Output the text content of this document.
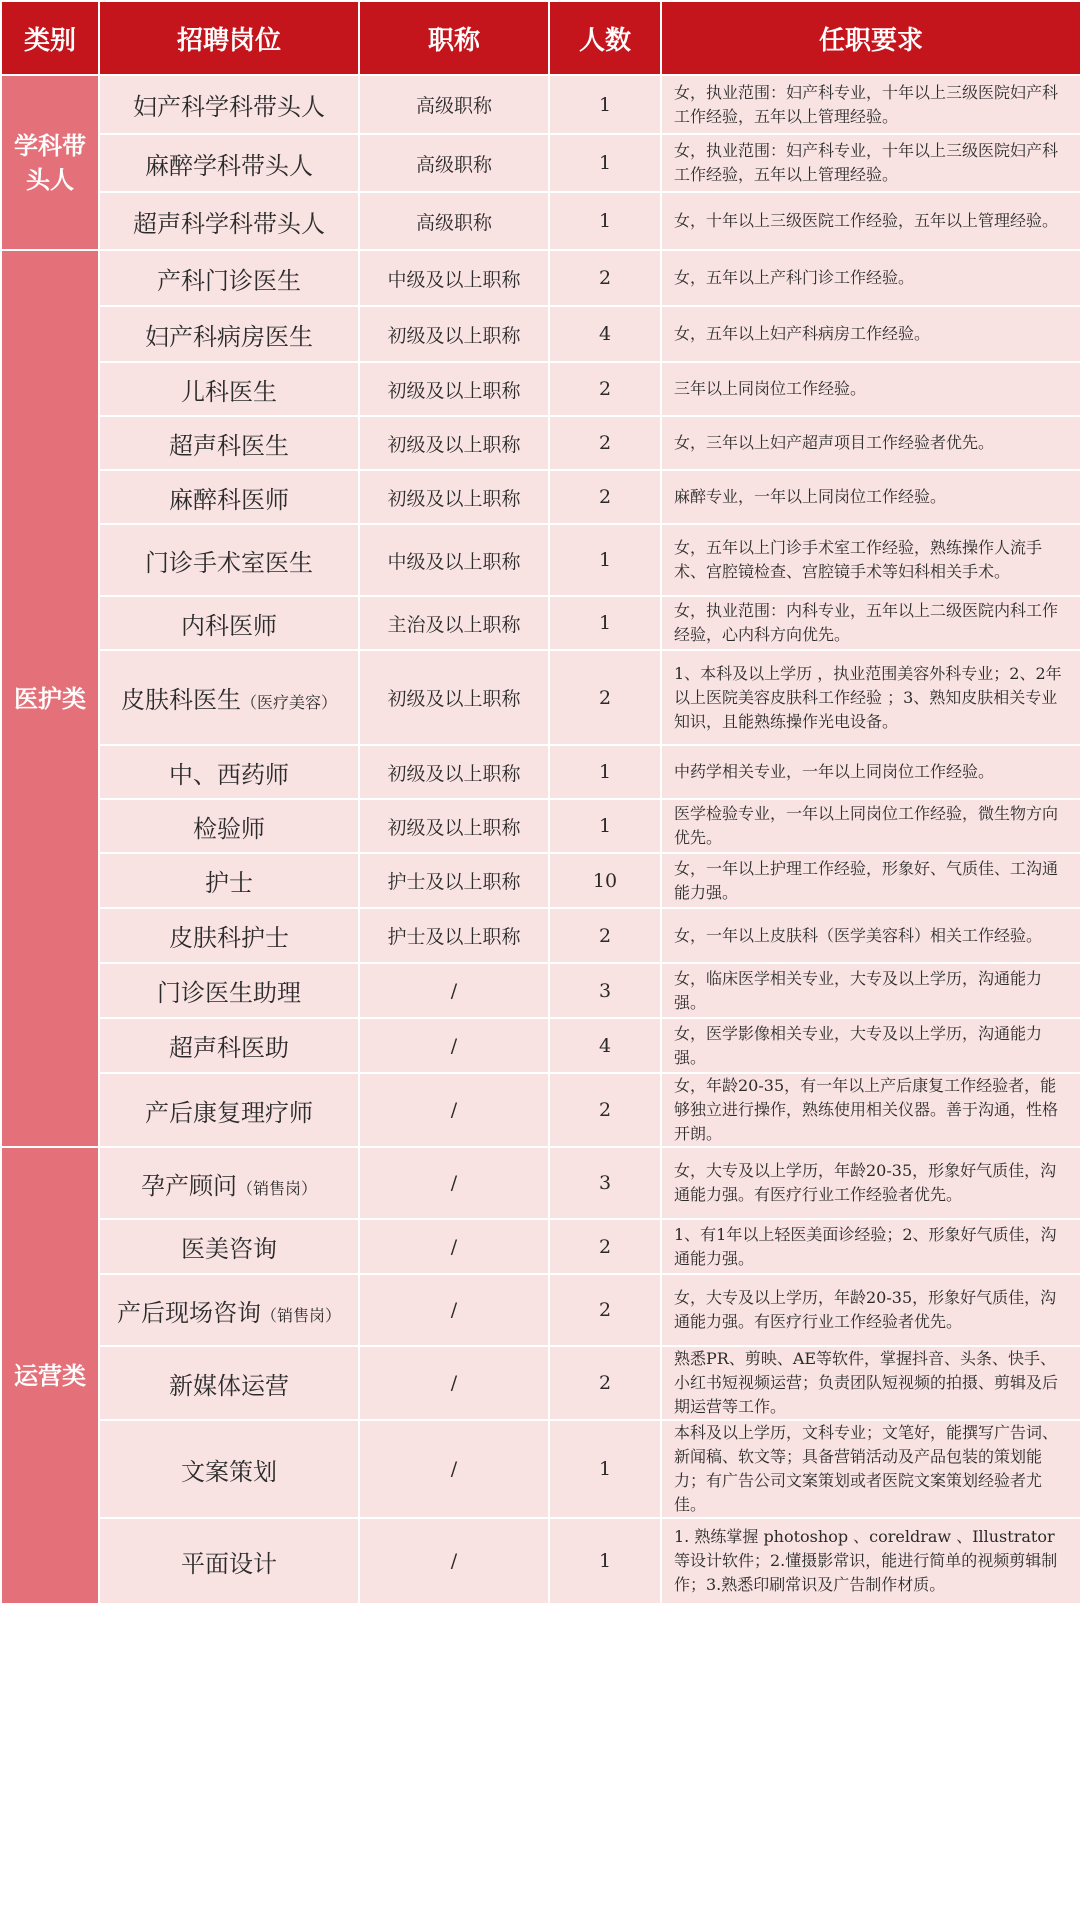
类别	招聘岗位	职称	人数	任职要求
学科带头人	妇产科学科带头人	高级职称	1	女，执业范围：妇产科专业，十年以上三级医院妇产科工作经验，五年以上管理经验。
	麻醉学科带头人	高级职称	1	女，执业范围：妇产科专业，十年以上三级医院妇产科工作经验，五年以上管理经验。
	超声科学科带头人	高级职称	1	女，十年以上三级医院工作经验，五年以上管理经验。
医护类	产科门诊医生	中级及以上职称	2	女，五年以上产科门诊工作经验。
	妇产科病房医生	初级及以上职称	4	女，五年以上妇产科病房工作经验。
	儿科医生	初级及以上职称	2	三年以上同岗位工作经验。
	超声科医生	初级及以上职称	2	女，三年以上妇产超声项目工作经验者优先。
	麻醉科医师	初级及以上职称	2	麻醉专业，一年以上同岗位工作经验。
	门诊手术室医生	中级及以上职称	1	女，五年以上门诊手术室工作经验，熟练操作人流手术、宫腔镜检查、宫腔镜手术等妇科相关手术。
	内科医师	主治及以上职称	1	女，执业范围：内科专业，五年以上二级医院内科工作经验，心内科方向优先。
	皮肤科医生（医疗美容）	初级及以上职称	2	1、本科及以上学历 ，执业范围美容外科专业；2、2年以上医院美容皮肤科工作经验 ；3、熟知皮肤相关专业知识，且能熟练操作光电设备。
	中、西药师	初级及以上职称	1	中药学相关专业，一年以上同岗位工作经验。
	检验师	初级及以上职称	1	医学检验专业，一年以上同岗位工作经验，微生物方向优先。
	护士	护士及以上职称	10	女，一年以上护理工作经验，形象好、气质佳、工沟通能力强。
	皮肤科护士	护士及以上职称	2	女，一年以上皮肤科（医学美容科）相关工作经验。
	门诊医生助理	/	3	女，临床医学相关专业，大专及以上学历，沟通能力强。
	超声科医助	/	4	女，医学影像相关专业，大专及以上学历，沟通能力强。
	产后康复理疗师	/	2	女，年龄20-35，有一年以上产后康复工作经验者，能够独立进行操作，熟练使用相关仪器。善于沟通，性格开朗。
运营类	孕产顾问（销售岗）	/	3	女，大专及以上学历，年龄20-35，形象好气质佳，沟通能力强。有医疗行业工作经验者优先。
	医美咨询	/	2	1、有1年以上轻医美面诊经验；2、形象好气质佳，沟通能力强。
	产后现场咨询（销售岗）	/	2	女，大专及以上学历，年龄20-35，形象好气质佳，沟通能力强。有医疗行业工作经验者优先。
	新媒体运营	/	2	熟悉PR、剪映、AE等软件，掌握抖音、头条、快手、小红书短视频运营；负责团队短视频的拍摄、剪辑及后期运营等工作。
	文案策划	/	1	本科及以上学历，文科专业；文笔好，能撰写广告词、新闻稿、软文等；具备营销活动及产品包装的策划能力；有广告公司文案策划或者医院文案策划经验者尤佳。
	平面设计	/	1	1. 熟练掌握 photoshop 、coreldraw 、Illustrator等设计软件；2.懂摄影常识，能进行简单的视频剪辑制作；3.熟悉印刷常识及广告制作材质。
